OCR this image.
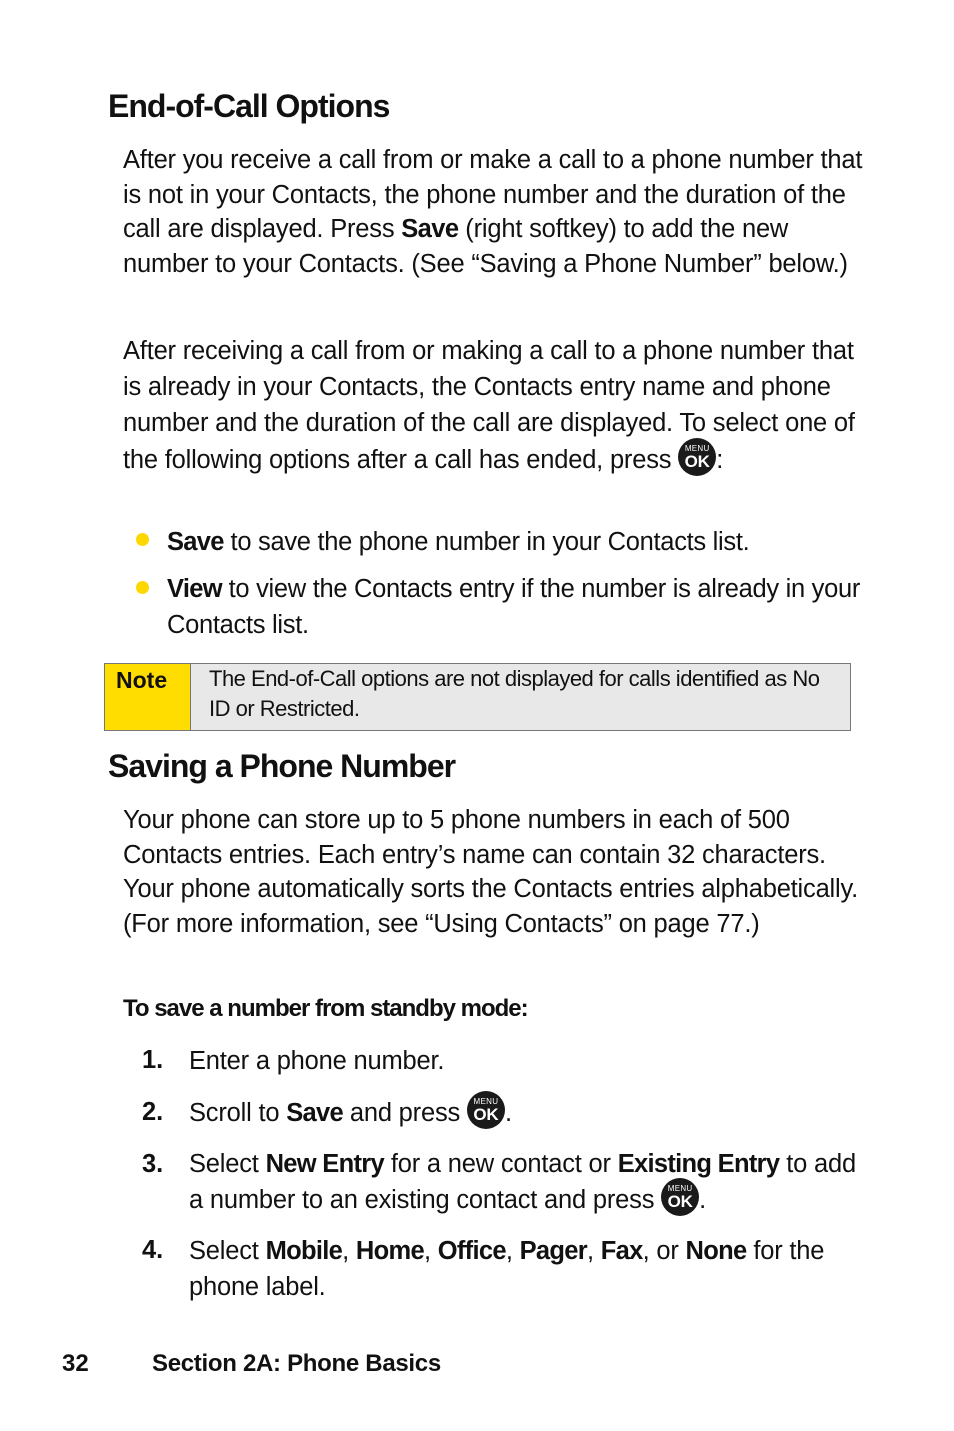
End-of-Call Options

After you receive a call from or make a call to a phone number that is not in your Contacts, the phone number and the duration of the call are displayed. Press Save (right softkey) to add the new number to your Contacts. (See “Saving a Phone Number” below.)

After receiving a call from or making a call to a phone number that is already in your Contacts, the Contacts entry name and phone number and the duration of the call are displayed. To select one of the following options after a call has ended, press MENU
OK :

Save to save the phone number in your Contacts list.
View to view the Contacts entry if the number is already in your Contacts list.
Note	The End-of-Call options are not displayed for calls identified as No ID or Restricted.
Saving a Phone Number

Your phone can store up to 5 phone numbers in each of 500 Contacts entries. Each entry’s name can contain 32 characters. Your phone automatically sorts the Contacts entries alphabetically. (For more information, see “Using Contacts” on page 77.)

To save a number from standby mode:

1. Enter a phone number.
2. Scroll to Save and press MENU
OK .
3. Select New Entry for a new contact or Existing Entry to add a number to an existing contact and press MENU
OK .
4. Select Mobile, Home, Office, Pager, Fax, or None for the phone label.
32	Section 2A: Phone Basics
